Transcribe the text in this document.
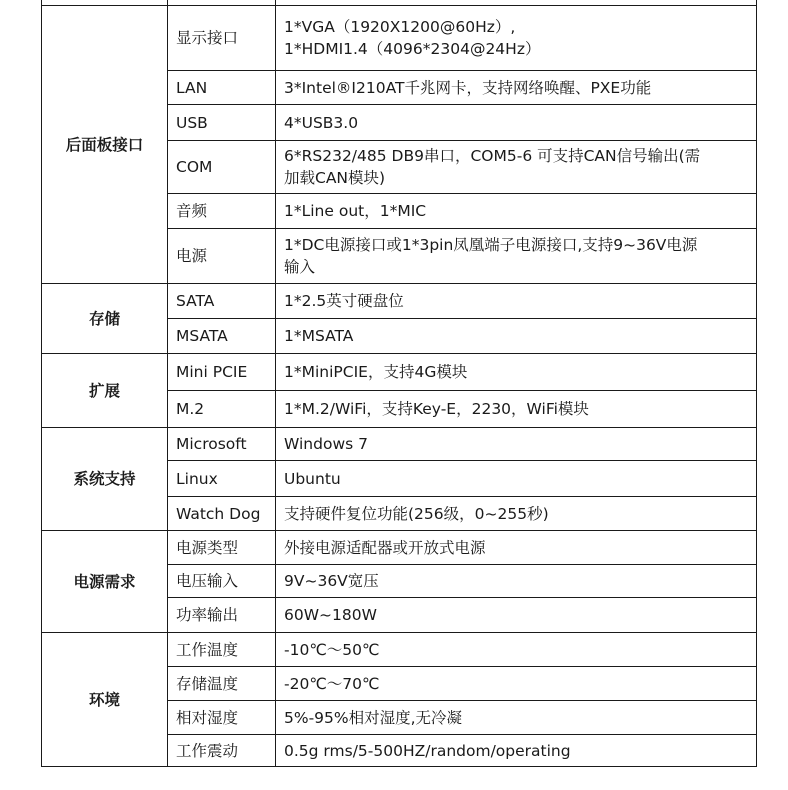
后面板接口	显示接口	1*VGA（1920X1200@60Hz）,
1*HDMI1.4（4096*2304@24Hz）

	LAN	3*Intel®I210AT千兆网卡，支持网络唤醒、PXE功能

	USB	4*USB3.0

	COM	6*RS232/485 DB9串口，COM5-6 可支持CAN信号输出(需
加载CAN模块)

	音频	1*Line out，1*MIC

	电源	1*DC电源接口或1*3pin凤凰端子电源接口,支持9~36V电源
输入

存储	SATA	1*2.5英寸硬盘位

	MSATA	1*MSATA

扩展	Mini PCIE	1*MiniPCIE，支持4G模块

	M.2	1*M.2/WiFi，支持Key-E，2230，WiFi模块

系统支持	Microsoft	Windows 7

	Linux	Ubuntu

	Watch Dog	支持硬件复位功能(256级，0~255秒)

电源需求	电源类型	外接电源适配器或开放式电源

	电压输入	9V~36V宽压

	功率输出	60W~180W

环境	工作温度	-10℃～50℃

	存储温度	-20℃～70℃

	相对湿度	5%-95%相对湿度,无冷凝

	工作震动	0.5g rms/5-500HZ/random/operating
